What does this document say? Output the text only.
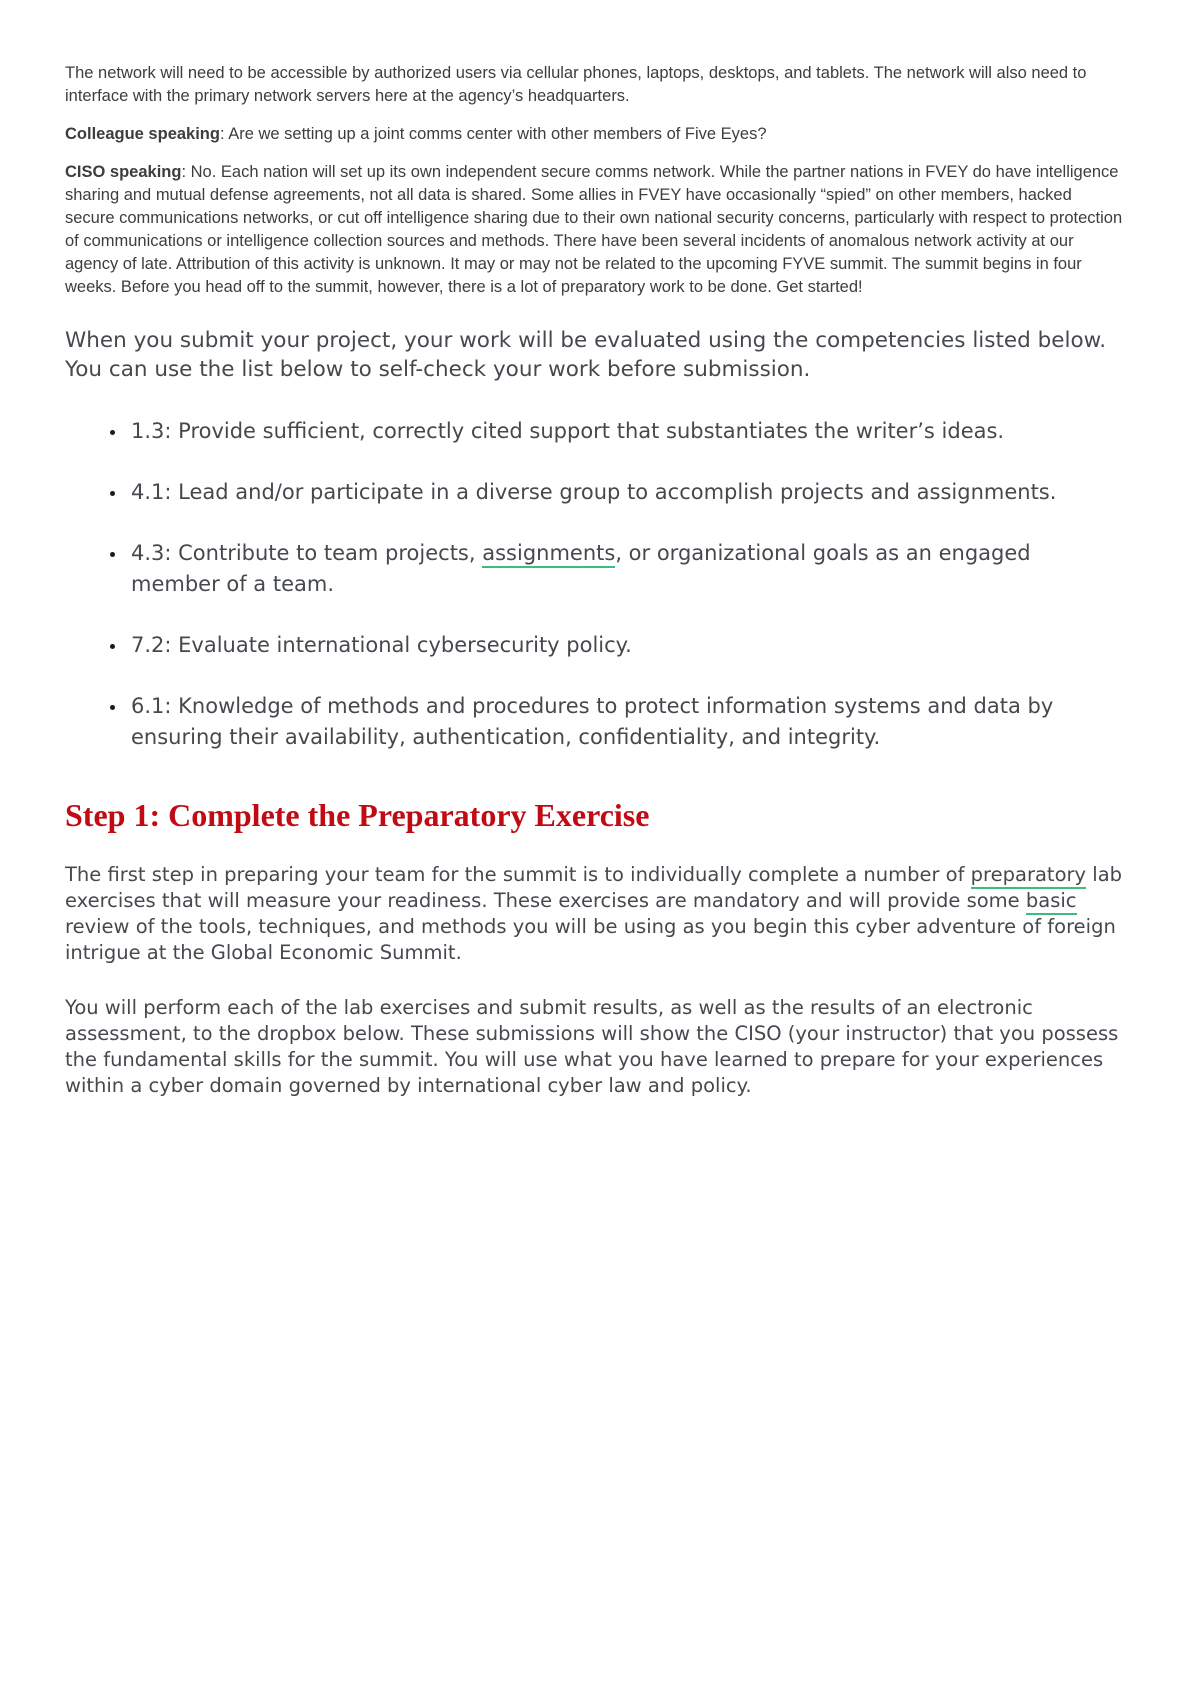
The network will need to be accessible by authorized users via cellular phones, laptops, desktops, and tablets. The network will also need to interface with the primary network servers here at the agency’s headquarters.

Colleague speaking: Are we setting up a joint comms center with other members of Five Eyes?

CISO speaking: No. Each nation will set up its own independent secure comms network. While the partner nations in FVEY do have intelligence sharing and mutual defense agreements, not all data is shared. Some allies in FVEY have occasionally “spied” on other members, hacked secure communications networks, or cut off intelligence sharing due to their own national security concerns, particularly with respect to protection of communications or intelligence collection sources and methods. There have been several incidents of anomalous network activity at our agency of late. Attribution of this activity is unknown. It may or may not be related to the upcoming FYVE summit. The summit begins in four weeks. Before you head off to the summit, however, there is a lot of preparatory work to be done. Get started!

When you submit your project, your work will be evaluated using the competencies listed below. You can use the list below to self-check your work before submission.

• 1.3: Provide sufficient, correctly cited support that substantiates the writer’s ideas.
• 4.1: Lead and/or participate in a diverse group to accomplish projects and assignments.
• 4.3: Contribute to team projects, assignments, or organizational goals as an engaged member of a team.
• 7.2: Evaluate international cybersecurity policy.
• 6.1: Knowledge of methods and procedures to protect information systems and data by ensuring their availability, authentication, confidentiality, and integrity.
Step 1: Complete the Preparatory Exercise

The first step in preparing your team for the summit is to individually complete a number of preparatory lab exercises that will measure your readiness. These exercises are mandatory and will provide some basic review of the tools, techniques, and methods you will be using as you begin this cyber adventure of foreign intrigue at the Global Economic Summit.

You will perform each of the lab exercises and submit results, as well as the results of an electronic assessment, to the dropbox below. These submissions will show the CISO (your instructor) that you possess the fundamental skills for the summit. You will use what you have learned to prepare for your experiences within a cyber domain governed by international cyber law and policy.
